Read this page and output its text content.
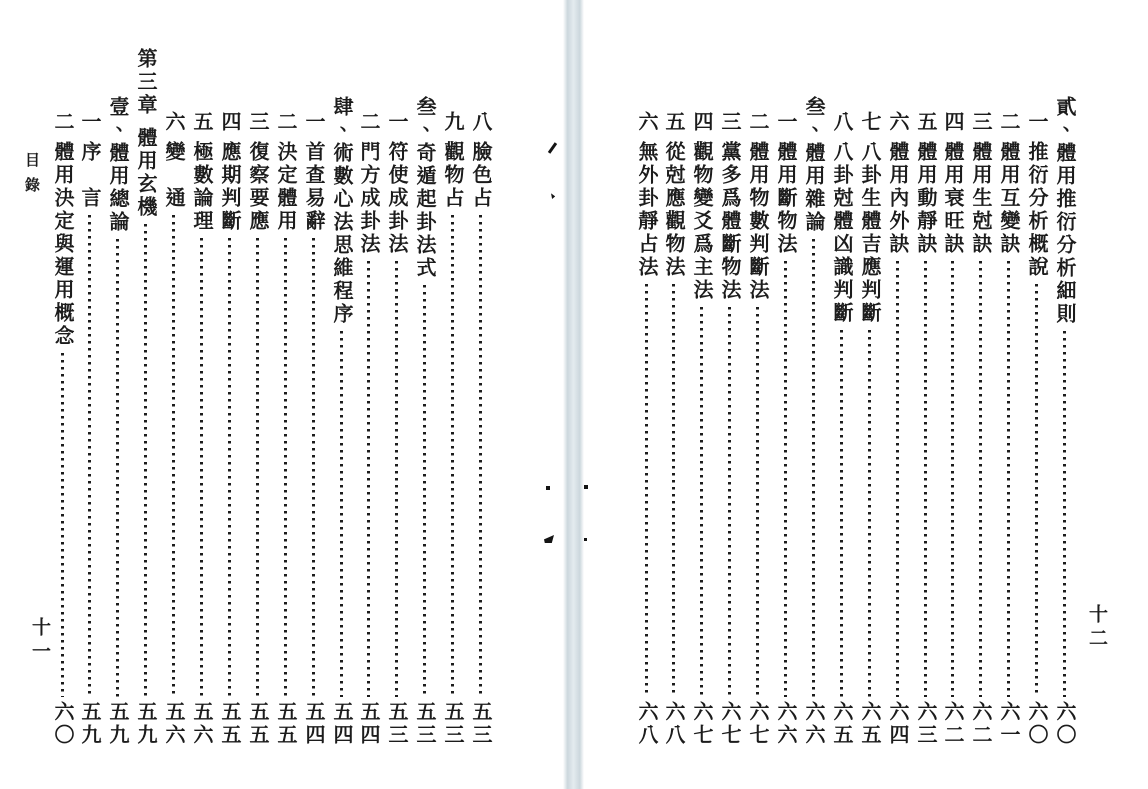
八
臉色占
五三
九
觀物占
五三
叁、
奇遁起卦法式
五三
一
符使成卦法
五三
二
門方成卦法
五四
肆、
術數心法思維程序
五四
一
首查易辭
五四
二
決定體用
五五
三
復察要應
五五
四
應期判斷
五五
五
極數論理
五六
六
變　通
五六
第三章
體用玄機
五九
壹、
體用總論
五九
一
序　言
五九
二
體用決定與運用概念
六〇
貳、
體用推衍分析細則
六〇
一
推衍分析概說
六〇
二
體用互變訣
六一
三
體用生尅訣
六二
四
體用衰旺訣
六二
五
體用動靜訣
六三
六
體用內外訣
六四
七
八卦生體吉應判斷
六五
八
八卦尅體凶識判斷
六五
叁、
體用雜論
六六
一
體用斷物法
六六
二
體用物數判斷法
六七
三
黨多爲體斷物法
六七
四
觀物變爻爲主法
六七
五
從尅應觀物法
六八
六
無外卦靜占法
六八
目錄
十一	十二
